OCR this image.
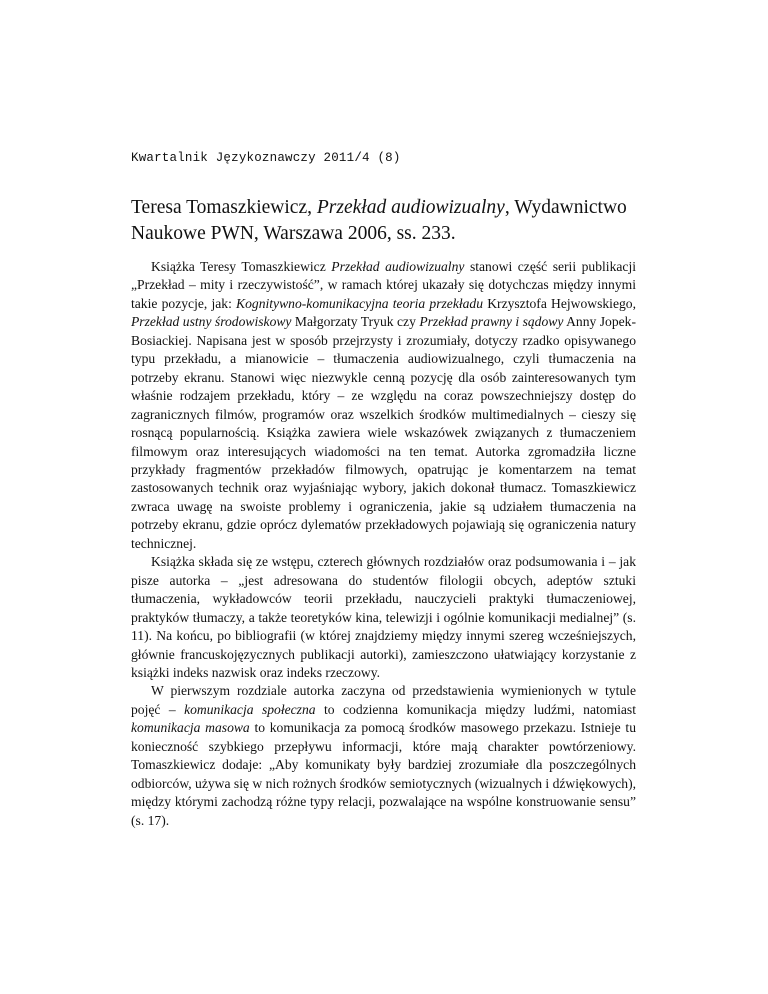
Kwartalnik Językoznawczy 2011/4 (8)
Teresa Tomaszkiewicz, Przekład audiowizualny, Wydawnictwo Naukowe PWN, Warszawa 2006, ss. 233.

Książka Teresy Tomaszkiewicz Przekład audiowizualny stanowi część serii publikacji „Przekład – mity i rzeczywistość”, w ramach której ukazały się dotychczas między innymi takie pozycje, jak: Kognitywno-komunikacyjna teoria przekładu Krzysztofa Hejwowskiego, Przekład ustny środowiskowy Małgorzaty Tryuk czy Przekład prawny i sądowy Anny Jopek-Bosiackiej. Napisana jest w sposób przejrzysty i zrozumiały, dotyczy rzadko opisywanego typu przekładu, a mianowicie – tłumaczenia audiowizualnego, czyli tłumaczenia na potrzeby ekranu. Stanowi więc niezwykle cenną pozycję dla osób zainteresowanych tym właśnie rodzajem przekładu, który – ze względu na coraz powszechniejszy dostęp do zagranicznych filmów, programów oraz wszelkich środków multimedialnych – cieszy się rosnącą popularnością. Książka zawiera wiele wskazówek związanych z tłumaczeniem filmowym oraz interesujących wiadomości na ten temat. Autorka zgromadziła liczne przykłady fragmentów przekładów filmowych, opatrując je komentarzem na temat zastosowanych technik oraz wyjaśniając wybory, jakich dokonał tłumacz. Tomaszkiewicz zwraca uwagę na swoiste problemy i ograniczenia, jakie są udziałem tłumaczenia na potrzeby ekranu, gdzie oprócz dylematów przekładowych pojawiają się ograniczenia natury technicznej.

Książka składa się ze wstępu, czterech głównych rozdziałów oraz podsumowania i – jak pisze autorka – „jest adresowana do studentów filologii obcych, adeptów sztuki tłumaczenia, wykładowców teorii przekładu, nauczycieli praktyki tłumaczeniowej, praktyków tłumaczy, a także teoretyków kina, telewizji i ogólnie komunikacji medialnej” (s. 11). Na końcu, po bibliografii (w której znajdziemy między innymi szereg wcześniejszych, głównie francuskojęzycznych publikacji autorki), zamieszczono ułatwiający korzystanie z książki indeks nazwisk oraz indeks rzeczowy.

W pierwszym rozdziale autorka zaczyna od przedstawienia wymienionych w tytule pojęć – komunikacja społeczna to codzienna komunikacja między ludźmi, natomiast komunikacja masowa to komunikacja za pomocą środków masowego przekazu. Istnieje tu konieczność szybkiego przepływu informacji, które mają charakter powtórzeniowy. Tomaszkiewicz dodaje: „Aby komunikaty były bardziej zrozumiałe dla poszczególnych odbiorców, używa się w nich rożnych środków semiotycznych (wizualnych i dźwiękowych), między którymi zachodzą różne typy relacji, pozwalające na wspólne konstruowanie sensu” (s. 17).
